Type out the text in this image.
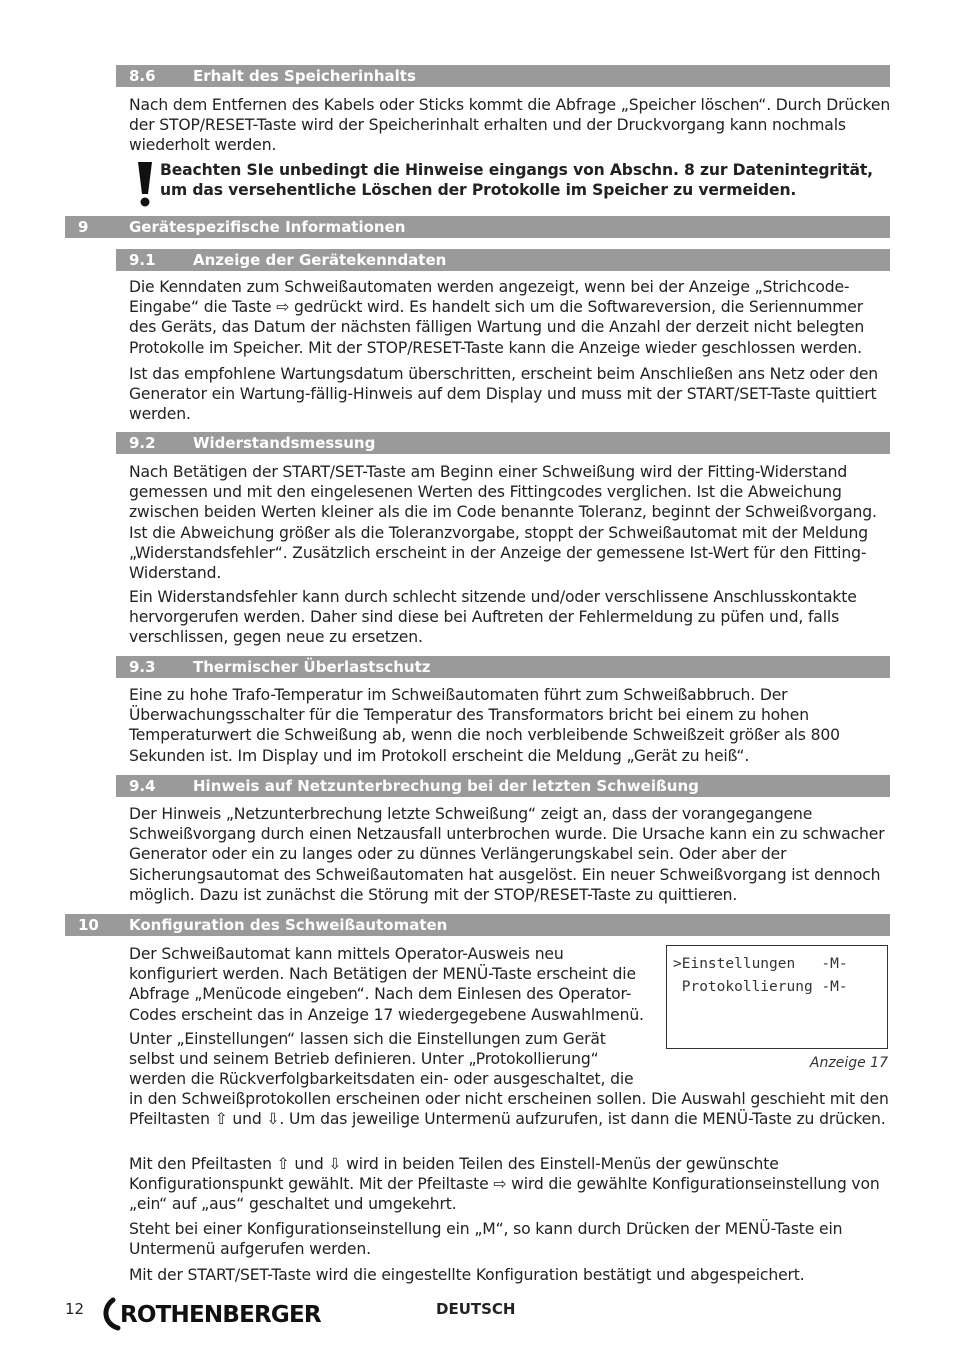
8.6 Erhalt des Speicherinhalts

Nach dem Entfernen des Kabels oder Sticks kommt die Abfrage „Speicher löschen“. Durch Drücken der STOP/RESET-Taste wird der Speicherinhalt erhalten und der Druckvorgang kann nochmals wiederholt werden.

Beachten SIe unbedingt die Hinweise eingangs von Abschn. 8 zur Datenintegrität, um das versehentliche Löschen der Protokolle im Speicher zu vermeiden.

9	Gerätespezifische Informationen
9.1 Anzeige der Gerätekenndaten

Die Kenndaten zum Schweißautomaten werden angezeigt, wenn bei der Anzeige „Strichcode-Eingabe“ die Taste ⇨ gedrückt wird. Es handelt sich um die Softwareversion, die Seriennummer des Geräts, das Datum der nächsten fälligen Wartung und die Anzahl der derzeit nicht belegten Protokolle im Speicher. Mit der STOP/RESET-Taste kann die Anzeige wieder geschlossen werden.

Ist das empfohlene Wartungsdatum überschritten, erscheint beim Anschließen ans Netz oder den Generator ein Wartung-fällig-Hinweis auf dem Display und muss mit der START/SET-Taste quittiert werden.

9.2 Widerstandsmessung

Nach Betätigen der START/SET-Taste am Beginn einer Schweißung wird der Fitting-Widerstand gemessen und mit den eingelesenen Werten des Fittingcodes verglichen. Ist die Abweichung zwischen beiden Werten kleiner als die im Code benannte Toleranz, beginnt der Schweißvorgang. Ist die Abweichung größer als die Toleranzvorgabe, stoppt der Schweißautomat mit der Meldung „Widerstandsfehler“. Zusätzlich erscheint in der Anzeige der gemessene Ist-Wert für den Fitting-Widerstand.

Ein Widerstandsfehler kann durch schlecht sitzende und/oder verschlissene Anschlusskontakte hervorgerufen werden. Daher sind diese bei Auftreten der Fehlermeldung zu püfen und, falls verschlissen, gegen neue zu ersetzen.

9.3 Thermischer Überlastschutz

Eine zu hohe Trafo-Temperatur im Schweißautomaten führt zum Schweißabbruch. Der Überwachungsschalter für die Temperatur des Transformators bricht bei einem zu hohen Temperaturwert die Schweißung ab, wenn die noch verbleibende Schweißzeit größer als 800 Sekunden ist. Im Display und im Protokoll erscheint die Meldung „Gerät zu heiß“.

9.4 Hinweis auf Netzunterbrechung bei der letzten Schweißung

Der Hinweis „Netzunterbrechung letzte Schweißung“ zeigt an, dass der vorangegangene Schweißvorgang durch einen Netzausfall unterbrochen wurde. Die Ursache kann ein zu schwacher Generator oder ein zu langes oder zu dünnes Verlängerungskabel sein. Oder aber der Sicherungsautomat des Schweißautomaten hat ausgelöst. Ein neuer Schweißvorgang ist dennoch möglich. Dazu ist zunächst die Störung mit der STOP/RESET-Taste zu quittieren.

10 Konfiguration des Schweißautomaten

Der Schweißautomat kann mittels Operator-Ausweis neu konfiguriert werden. Nach Betätigen der MENÜ-Taste erscheint die Abfrage „Menücode eingeben“. Nach dem Einlesen des Operator-Codes erscheint das in Anzeige 17 wiedergegebene Auswahlmenü.

Unter „Einstellungen“ lassen sich die Einstellungen zum Gerät selbst und seinem Betrieb definieren. Unter „Protokollierung“ werden die Rückverfolgbarkeitsdaten ein- oder ausgeschaltet, die

in den Schweißprotokollen erscheinen oder nicht erscheinen sollen. Die Auswahl geschieht mit den Pfeiltasten ⇧ und ⇩. Um das jeweilige Untermenü aufzurufen, ist dann die MENÜ-Taste zu drücken.

Mit den Pfeiltasten ⇧ und ⇩ wird in beiden Teilen des Einstell-Menüs der gewünschte Konfigurationspunkt gewählt. Mit der Pfeiltaste ⇨ wird die gewählte Konfigurationseinstellung von „ein“ auf „aus“ geschaltet und umgekehrt.

Steht bei einer Konfigurationseinstellung ein „M“, so kann durch Drücken der MENÜ-Taste ein Untermenü aufgerufen werden.

Mit der START/SET-Taste wird die eingestellte Konfiguration bestätigt und abgespeichert.

>Einstellungen   -M-
Protokollierung -M-
Anzeige 17
12 ROTHENBERGER	DEUTSCH
